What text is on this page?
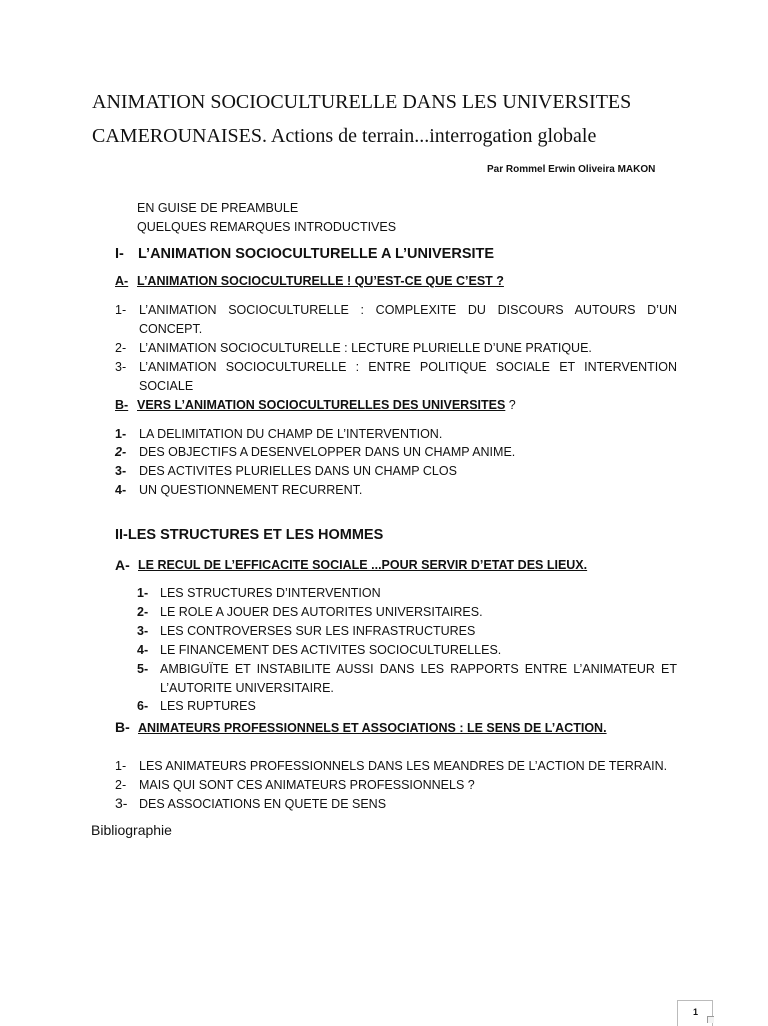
ANIMATION SOCIOCULTURELLE DANS LES UNIVERSITES
CAMEROUNAISES. Actions de terrain...interrogation globale
Par Rommel Erwin Oliveira MAKON
EN GUISE DE PREAMBULE
QUELQUES REMARQUES INTRODUCTIVES
I- L’ANIMATION SOCIOCULTURELLE A L’UNIVERSITE
A- L’ANIMATION SOCIOCULTURELLE ! QU’EST-CE QUE C’EST ?
1- L’ANIMATION SOCIOCULTURELLE : COMPLEXITE DU DISCOURS AUTOURS D’UN
CONCEPT.
2- L’ANIMATION SOCIOCULTURELLE : LECTURE PLURIELLE D’UNE PRATIQUE.
3- L’ANIMATION SOCIOCULTURELLE : ENTRE POLITIQUE SOCIALE ET INTERVENTION
SOCIALE
B- VERS L’ANIMATION SOCIOCULTURELLES DES UNIVERSITES ?
1- LA DELIMITATION DU CHAMP DE L’INTERVENTION.
2- DES OBJECTIFS A DESENVELOPPER DANS UN CHAMP ANIME.
3- DES ACTIVITES PLURIELLES DANS UN CHAMP CLOS
4- UN QUESTIONNEMENT RECURRENT.
II-LES STRUCTURES ET LES HOMMES
A- LE RECUL DE L’EFFICACITE SOCIALE ...POUR SERVIR D’ETAT DES LIEUX.
1- LES STRUCTURES D’INTERVENTION
2- LE ROLE A JOUER DES AUTORITES UNIVERSITAIRES.
3- LES CONTROVERSES SUR LES INFRASTRUCTURES
4- LE FINANCEMENT DES ACTIVITES SOCIOCULTURELLES.
5- AMBIGUÏTE ET INSTABILITE AUSSI DANS LES RAPPORTS ENTRE L’ANIMATEUR ET
L’AUTORITE UNIVERSITAIRE.
6- LES RUPTURES
B- ANIMATEURS PROFESSIONNELS ET ASSOCIATIONS : LE SENS DE L’ACTION.
1- LES ANIMATEURS PROFESSIONNELS DANS LES MEANDRES DE L’ACTION DE TERRAIN.
2- MAIS QUI SONT CES ANIMATEURS PROFESSIONNELS ?
3- DES ASSOCIATIONS EN QUETE DE SENS
Bibliographie
1
